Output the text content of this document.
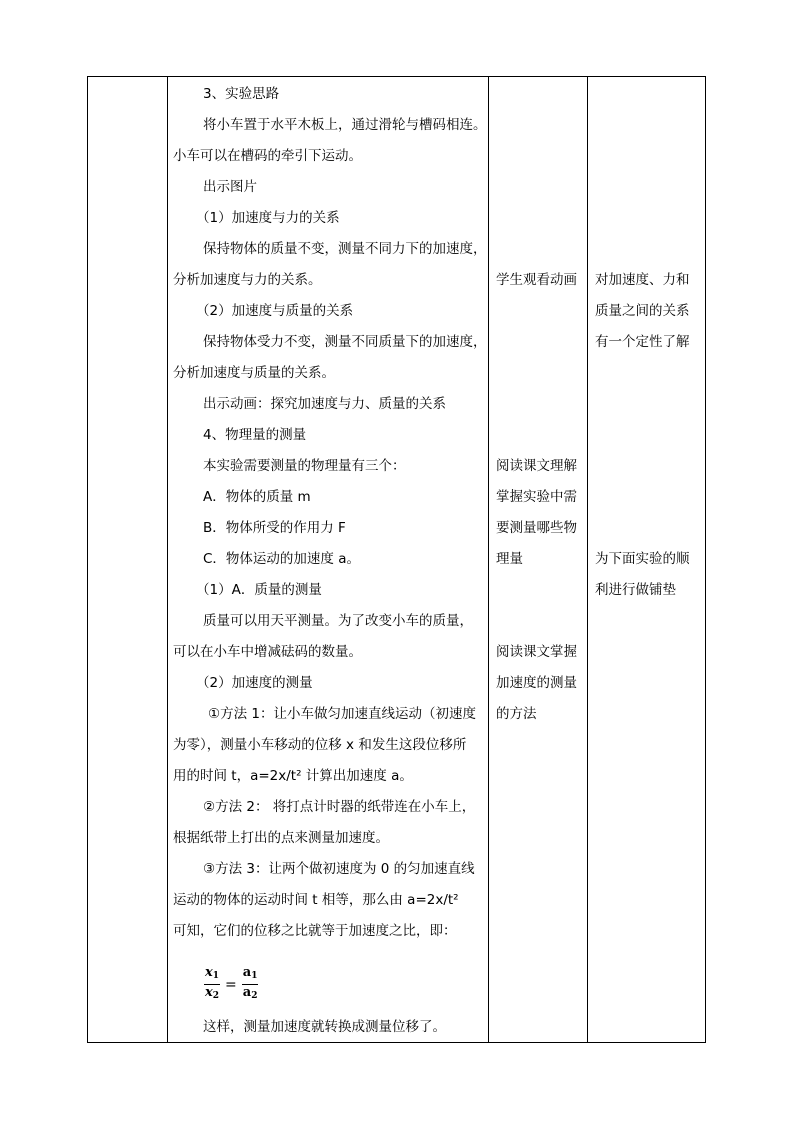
3、实验思路
将小车置于水平木板上，通过滑轮与槽码相连。
小车可以在槽码的牵引下运动。
出示图片
（1）加速度与力的关系
保持物体的质量不变，测量不同力下的加速度，
分析加速度与力的关系。
（2）加速度与质量的关系
保持物体受力不变，测量不同质量下的加速度，
分析加速度与质量的关系。
出示动画：探究加速度与力、质量的关系
4、物理量的测量
本实验需要测量的物理量有三个：
A．物体的质量 m
B．物体所受的作用力 F
C．物体运动的加速度 a。
（1）A．质量的测量
质量可以用天平测量。为了改变小车的质量，
可以在小车中增减砝码的数量。
（2）加速度的测量
①方法 1：让小车做匀加速直线运动（初速度
为零），测量小车移动的位移 x 和发生这段位移所
用的时间 t，a=2x/t² 计算出加速度 a。
②方法 2： 将打点计时器的纸带连在小车上，
根据纸带上打出的点来测量加速度。
③方法 3：让两个做初速度为 0 的匀加速直线
运动的物体的运动时间 t 相等，那么由 a=2x/t²
可知，它们的位移之比就等于加速度之比，即：
$\frac{x_1}{x_2} = \frac{a_1}{a_2}$
这样，测量加速度就转换成测量位移了。
学生观看动画
阅读课文理解
掌握实验中需
要测量哪些物
理量
阅读课文掌握
加速度的测量
的方法
对加速度、力和
质量之间的关系
有一个定性了解
为下面实验的顺
利进行做铺垫
